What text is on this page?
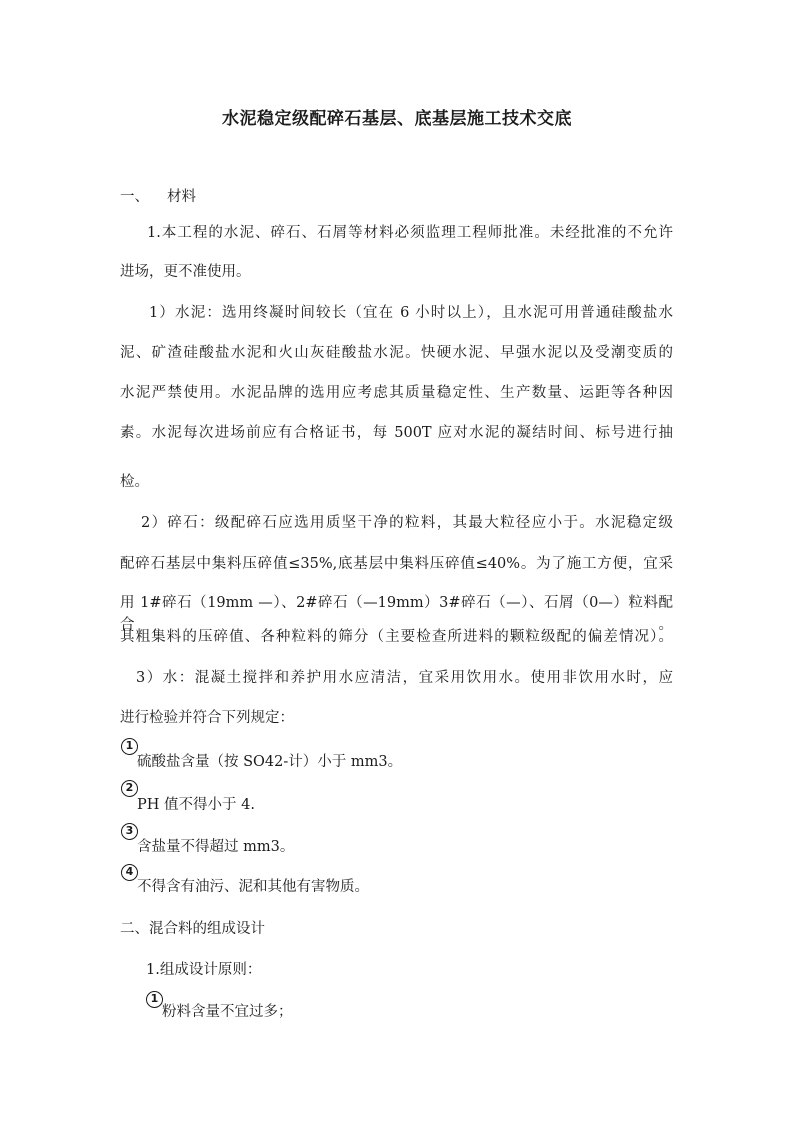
水泥稳定级配碎石基层、底基层施工技术交底
一、 材料
1.本工程的水泥、碎石、石屑等材料必须监理工程师批准。未经批准的不允许
进场，更不准使用。
1）水泥：选用终凝时间较长（宜在 6 小时以上），且水泥可用普通硅酸盐水
泥、矿渣硅酸盐水泥和火山灰硅酸盐水泥。快硬水泥、早强水泥以及受潮变质的
水泥严禁使用。水泥品牌的选用应考虑其质量稳定性、生产数量、运距等各种因
素。水泥每次进场前应有合格证书，每 500T 应对水泥的凝结时间、标号进行抽
检。
2）碎石：级配碎石应选用质坚干净的粒料，其最大粒径应小于。水泥稳定级
配碎石基层中集料压碎值≤35%,底基层中集料压碎值≤40%。为了施工方便，宜采
用 1#碎石（19mm —）、2#碎石（—19mm）3#碎石（—）、石屑（0—）粒料配合。
其粗集料的压碎值、各种粒料的筛分（主要检查所进料的颗粒级配的偏差情况）。
3）水：混凝土搅拌和养护用水应清洁，宜采用饮用水。使用非饮用水时，应
进行检验并符合下列规定：
1
硫酸盐含量（按 SO42-计）小于 mm3。
2
PH 值不得小于 4.
3
含盐量不得超过 mm3。
4
不得含有油污、泥和其他有害物质。
二、混合料的组成设计
1.组成设计原则：
1
粉料含量不宜过多；
